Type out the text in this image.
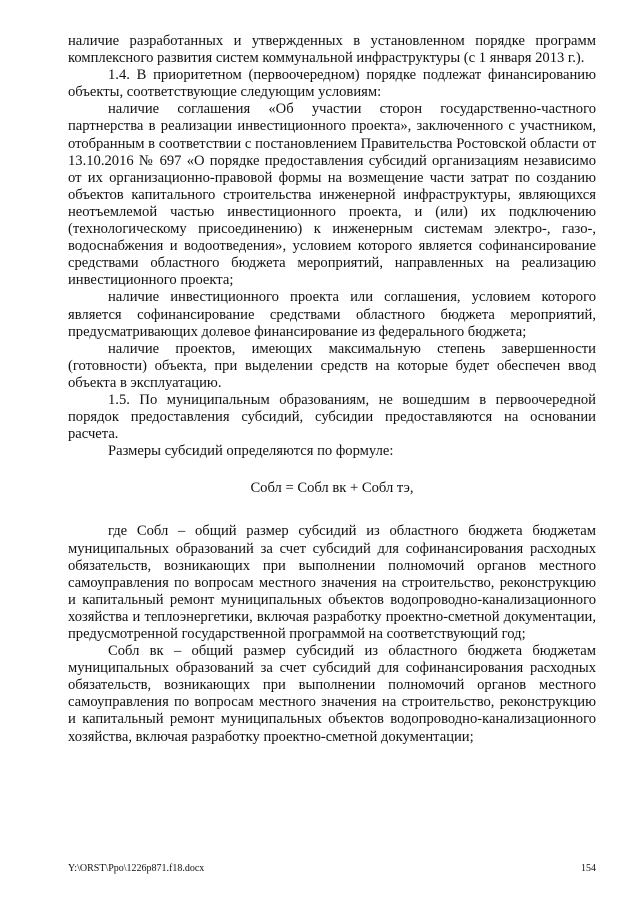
наличие разработанных и утвержденных в установленном порядке программ комплексного развития систем коммунальной инфраструктуры (с 1 января 2013 г.).

1.4. В приоритетном (первоочередном) порядке подлежат финансированию объекты, соответствующие следующим условиям:

наличие соглашения «Об участии сторон государственно-частного партнерства в реализации инвестиционного проекта», заключенного с участником, отобранным в соответствии с постановлением Правительства Ростовской области от 13.10.2016 № 697 «О порядке предоставления субсидий организациям независимо от их организационно-правовой формы на возмещение части затрат по созданию объектов капитального строительства инженерной инфраструктуры, являющихся неотъемлемой частью инвестиционного проекта, и (или) их подключению (технологическому присоединению) к инженерным системам электро-, газо-, водоснабжения и водоотведения», условием которого является софинансирование средствами областного бюджета мероприятий, направленных на реализацию инвестиционного проекта;

наличие инвестиционного проекта или соглашения, условием которого является софинансирование средствами областного бюджета мероприятий, предусматривающих долевое финансирование из федерального бюджета;

наличие проектов, имеющих максимальную степень завершенности (готовности) объекта, при выделении средств на которые будет обеспечен ввод объекта в эксплуатацию.

1.5. По муниципальным образованиям, не вошедшим в первоочередной порядок предоставления субсидий, субсидии предоставляются на основании расчета.

Размеры субсидий определяются по формуле:

Собл = Собл вк + Собл тэ,

где Собл – общий размер субсидий из областного бюджета бюджетам муниципальных образований за счет субсидий для софинансирования расходных обязательств, возникающих при выполнении полномочий органов местного самоуправления по вопросам местного значения на строительство, реконструкцию и капитальный ремонт муниципальных объектов водопроводно-канализационного хозяйства и теплоэнергетики, включая разработку проектно-сметной документации, предусмотренной государственной программой на соответствующий год;

Собл вк – общий размер субсидий из областного бюджета бюджетам муниципальных образований за счет субсидий для софинансирования расходных обязательств, возникающих при выполнении полномочий органов местного самоуправления по вопросам местного значения на строительство, реконструкцию и капитальный ремонт муниципальных объектов водопроводно-канализационного хозяйства, включая разработку проектно-сметной документации;

Y:\ORST\Ppo\1226p871.f18.docx	154
